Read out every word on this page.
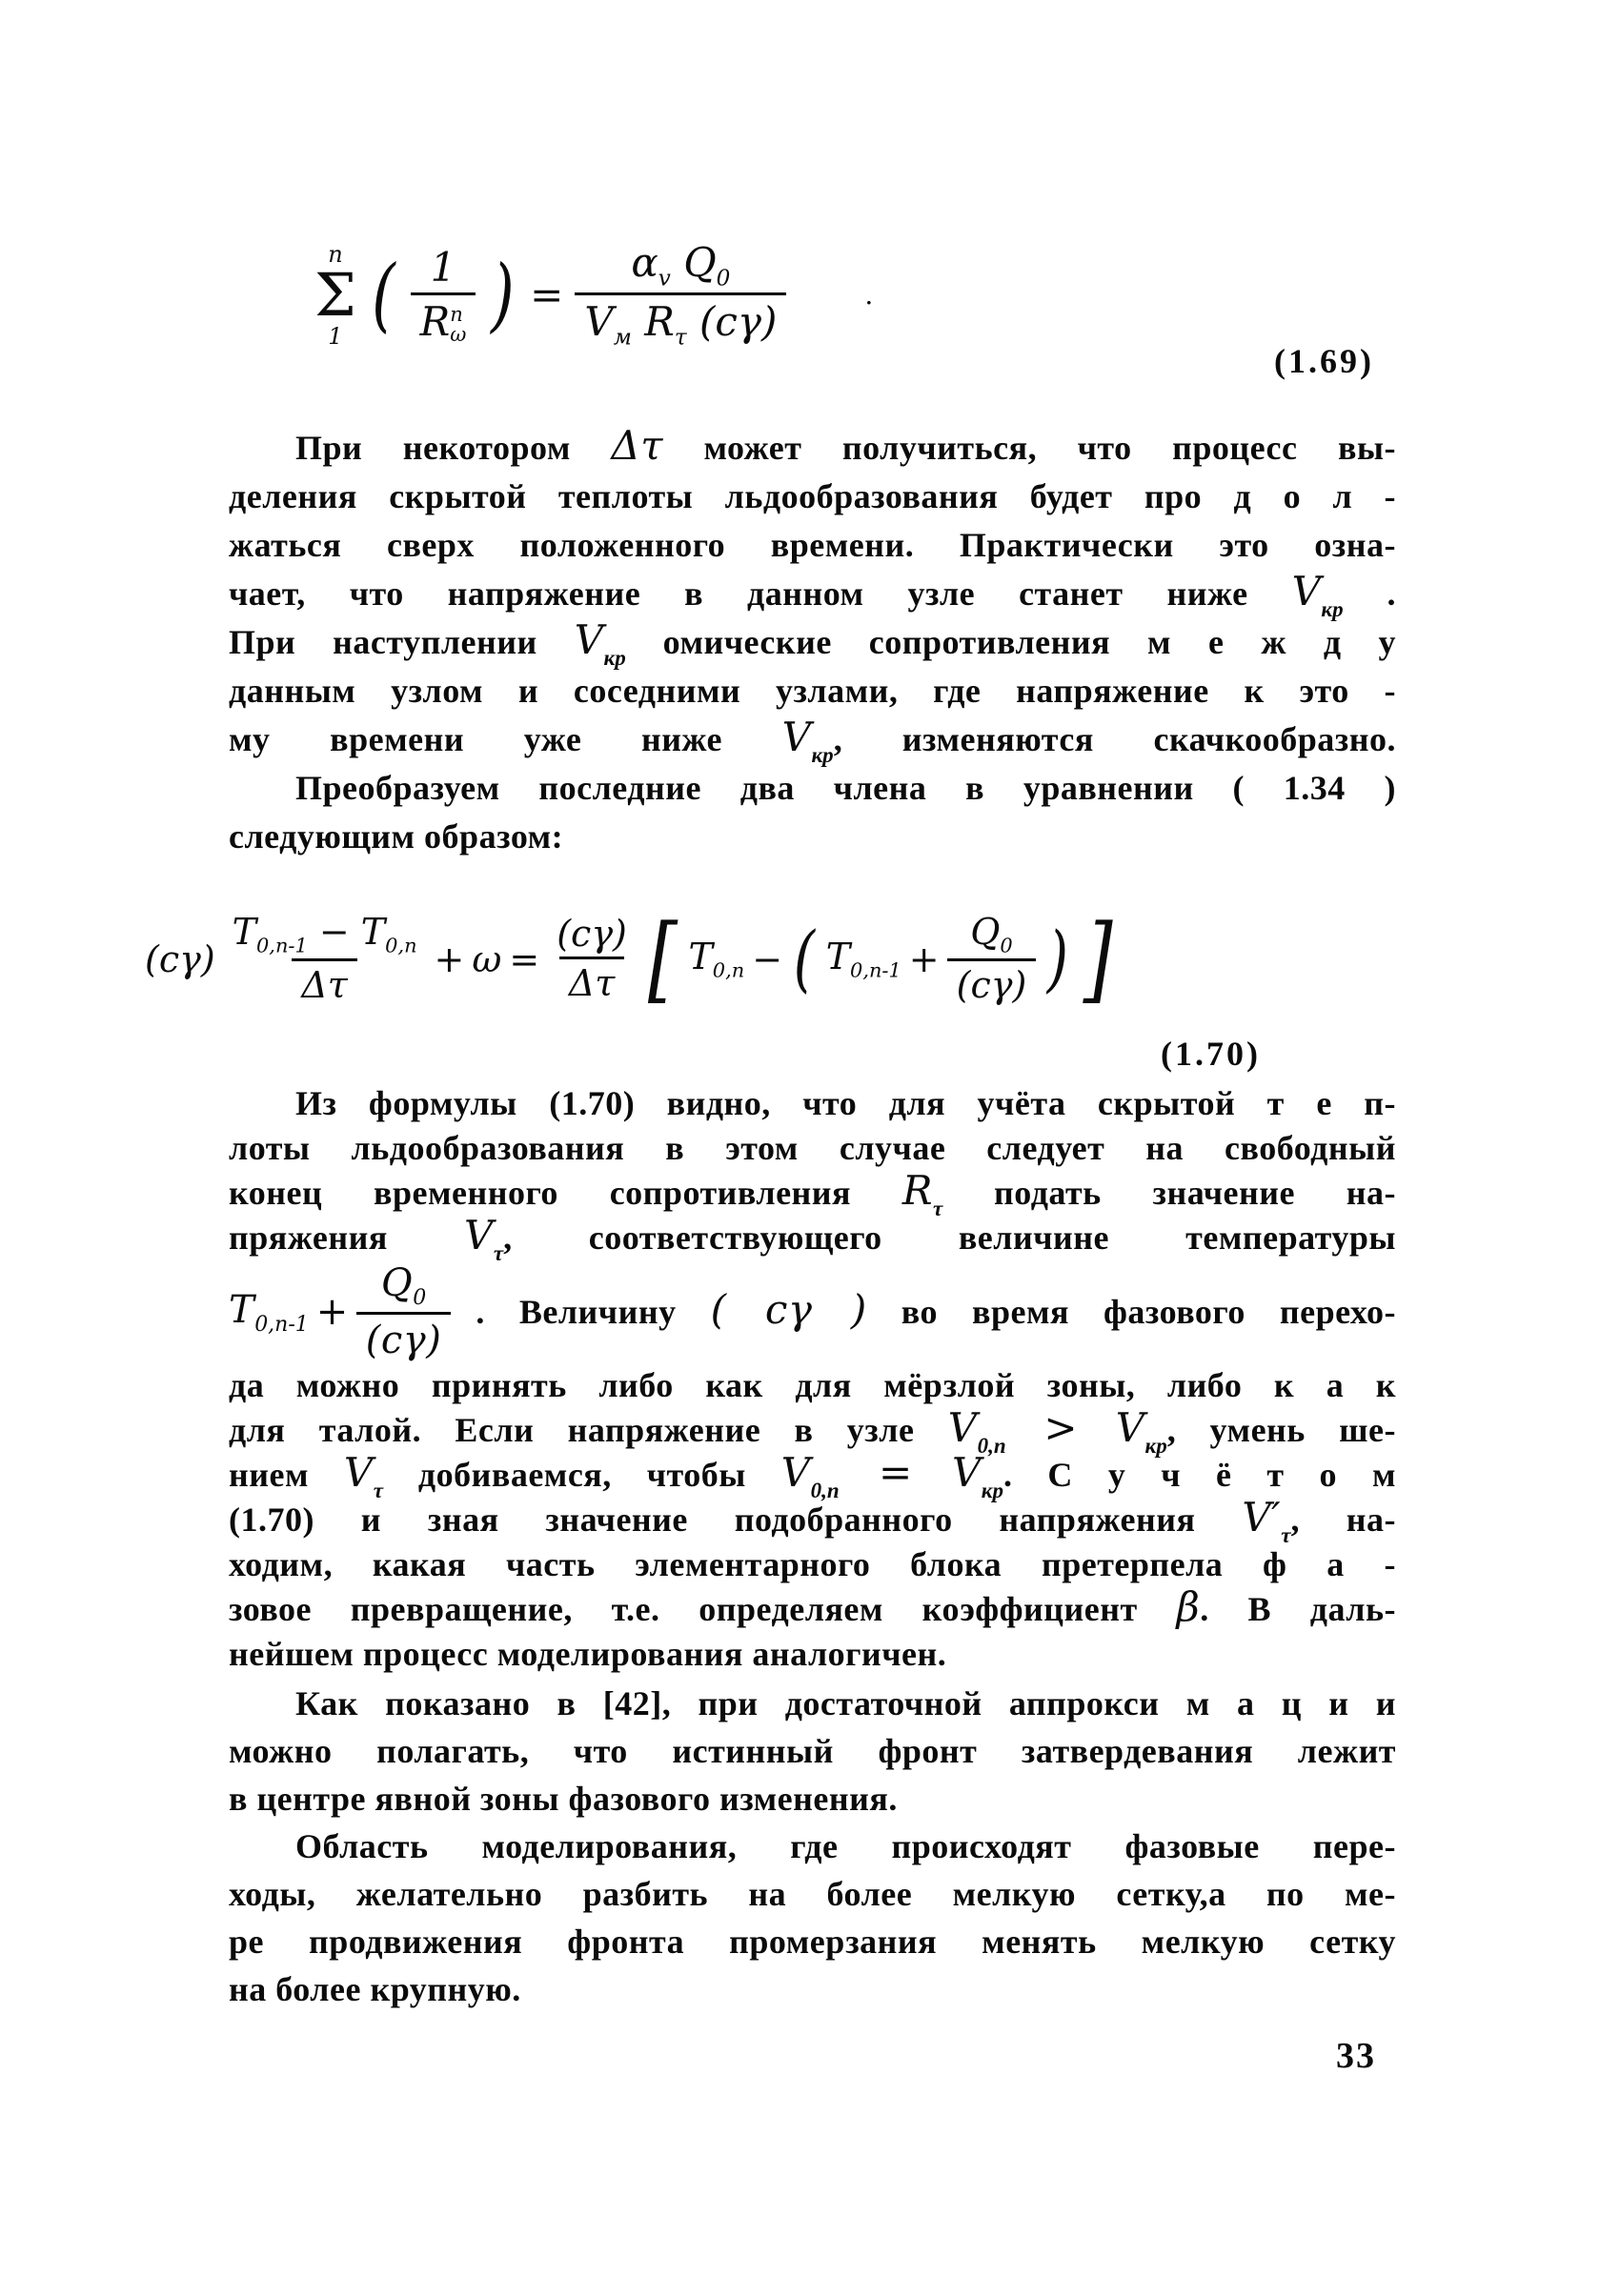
n
Σ
1 ( 1
R n
ω ) = $\frac{\alpha_v Q_0}{V_м R_\tau (c\gamma)}$	.
(1.69)
При некотором Δτ может получиться, что процесс вы-
деления скрытой теплоты льдообразования будет про д о л -
жаться сверх положенного времени. Практически это озна-
чает, что напряжение в данном узле станет ниже $V_{кр}$ .
При наступлении $V_{кр}$ омические сопротивления м е ж д у
данным узлом и соседними узлами, где напряжение к это -
му времени уже ниже $V_{кр}$, изменяются скачкообразно.
Преобразуем последние два члена в уравнении ( 1.34 )
следующим образом:
$(c\gamma) \frac{T_{0,n-1} - T_{0,n}}{\Delta\tau} + \omega = \frac{(c\gamma)}{\Delta\tau}$ [ $T_{0,n}$ − ( $T_{0,n-1} + \frac{Q_0}{(c\gamma)}$ ) ]
(1.70)
Из формулы (1.70) видно, что для учёта скрытой т е п-
лоты льдообразования в этом случае следует на свободный
конец временного сопротивления $R_\tau$ подать значение на-
пряжения $V_\tau$, соответствующего величине температуры
$T_{0,n-1} + \frac{Q_0}{(c\gamma)}$ . Величину ( cγ ) во время фазового перехо-
да можно принять либо как для мёрзлой зоны, либо к а к
для талой. Если напряжение в узле $V_{0,n} > V_{кр}$, умень ше-
нием $V_\tau$ добиваемся, чтобы $V_{0,n} = V_{кр}$. С у ч ё т о м
(1.70) и зная значение подобранного напряжения $V'_\tau$, на-
ходим, какая часть элементарного блока претерпела ф а -
зовое превращение, т.е. определяем коэффициент β. В даль-
нейшем процесс моделирования аналогичен.
Как показано в [42], при достаточной аппрокси м а ц и и
можно полагать, что истинный фронт затвердевания лежит
в центре явной зоны фазового изменения.
Область моделирования, где происходят фазовые пере-
ходы, желательно разбить на более мелкую сетку,а по ме-
ре продвижения фронта промерзания менять мелкую сетку
на более крупную.
33
